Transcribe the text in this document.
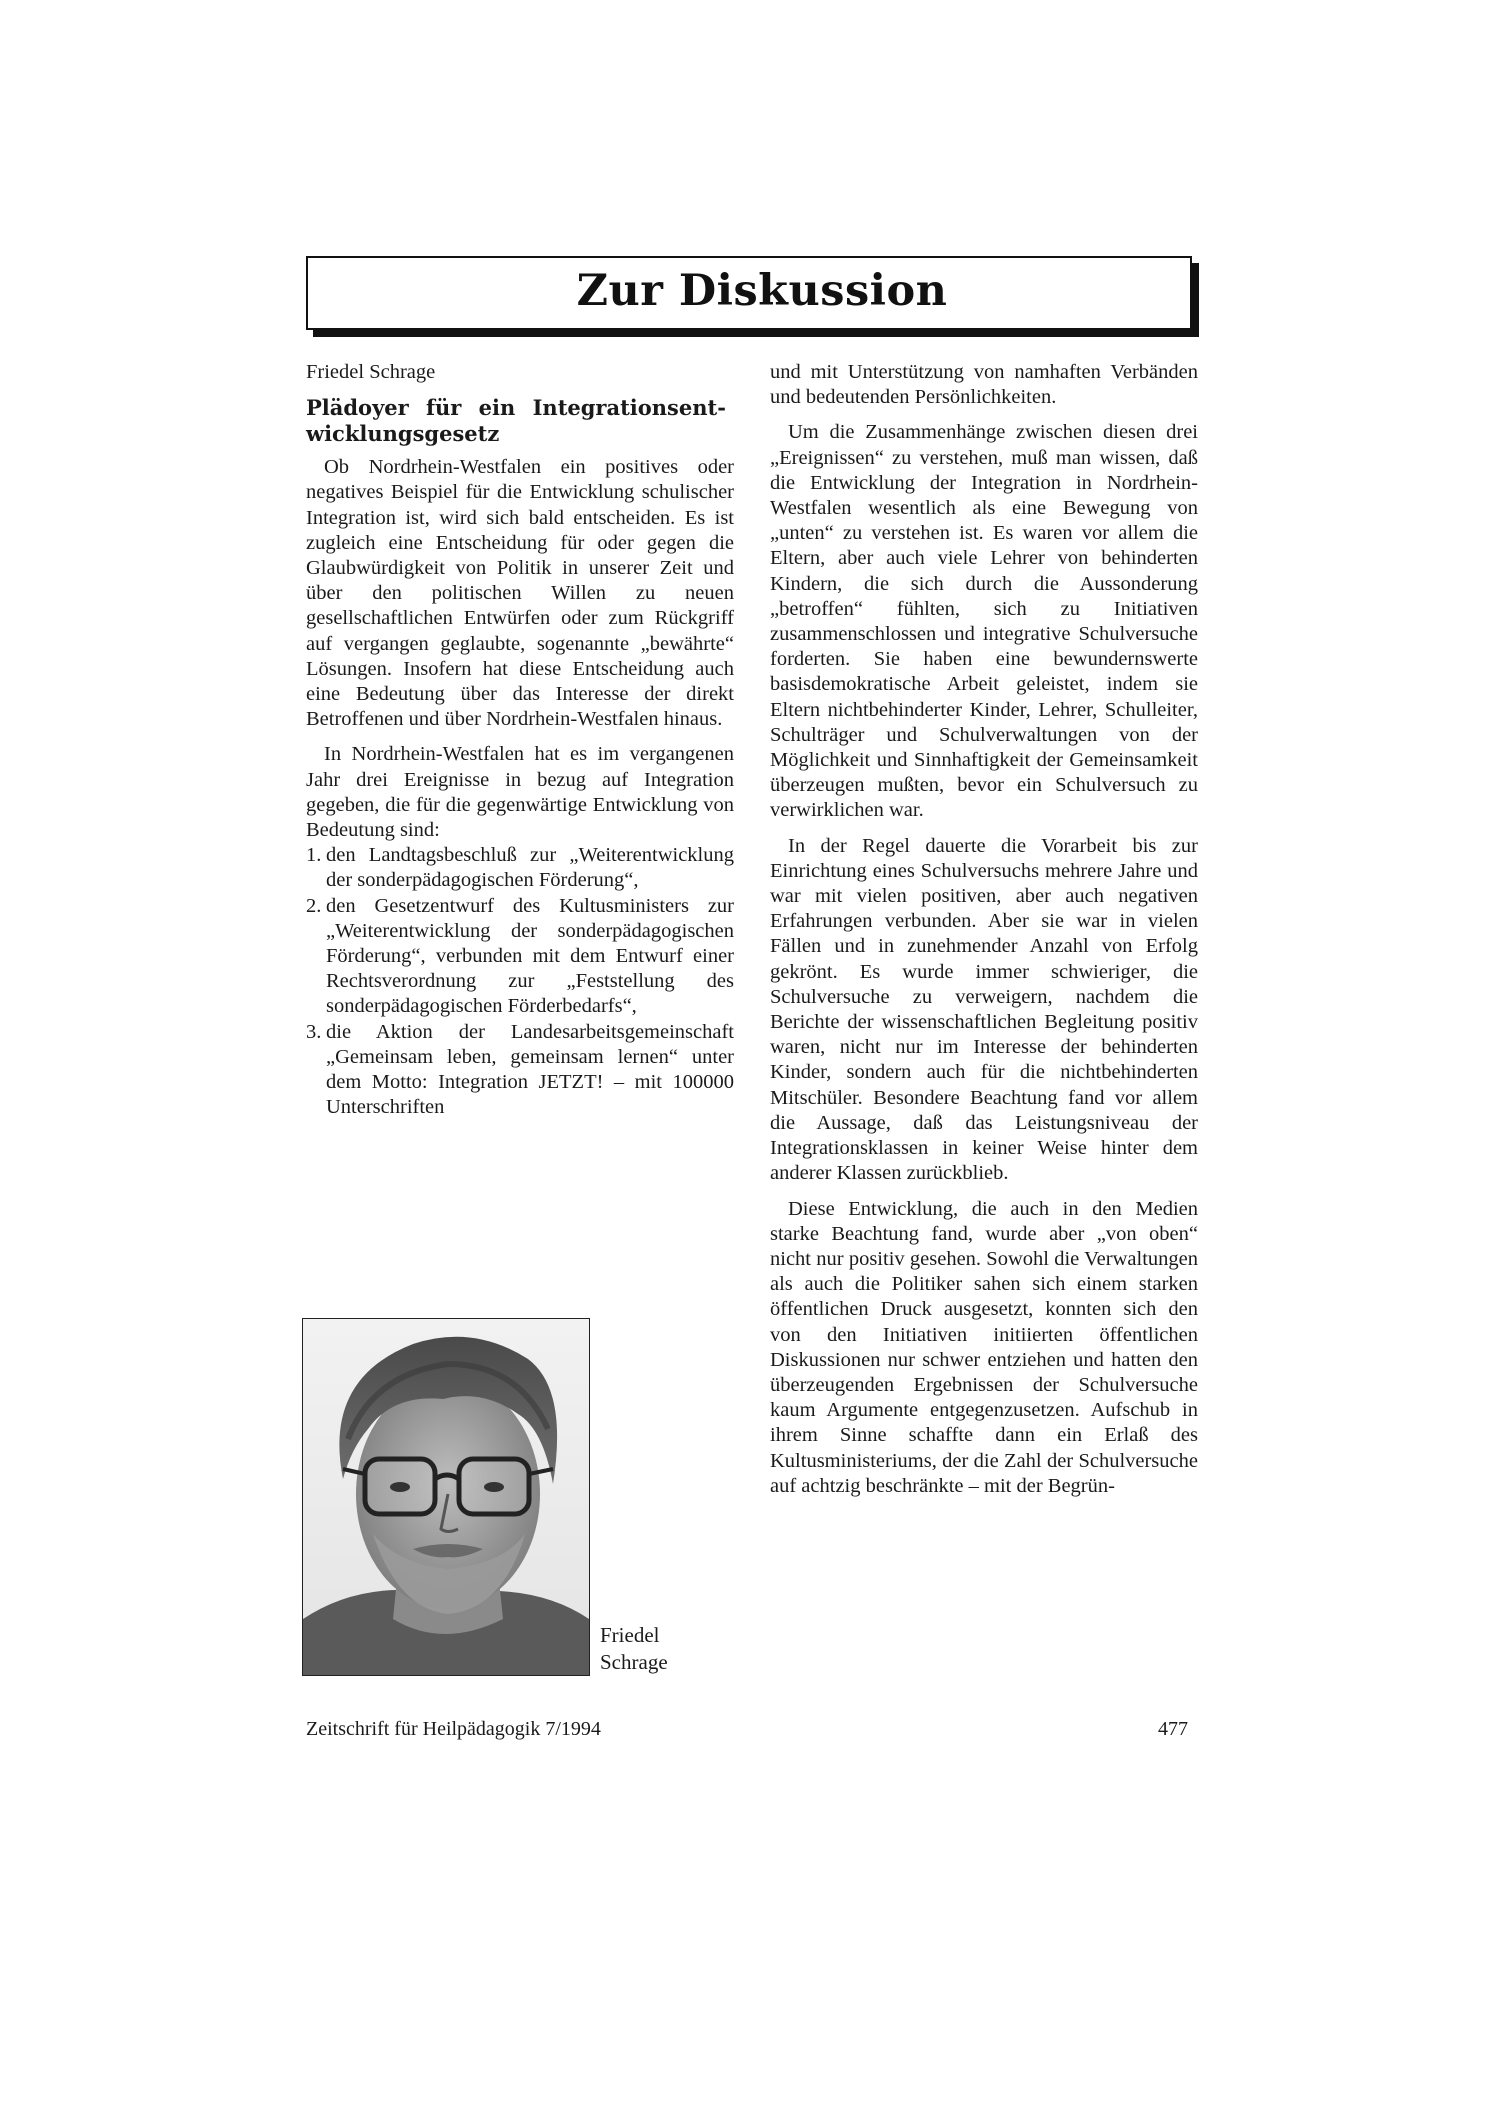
Zur Diskussion

Friedel Schrage

Plädoyer für ein Integrationsent-
wicklungsgesetz

Ob Nordrhein-Westfalen ein positives oder negatives Beispiel für die Entwicklung schulischer Integration ist, wird sich bald entscheiden. Es ist zugleich eine Entscheidung für oder gegen die Glaubwürdigkeit von Politik in unserer Zeit und über den politischen Willen zu neuen gesellschaftlichen Entwürfen oder zum Rückgriff auf vergangen geglaubte, sogenannte „bewährte“ Lösungen. Insofern hat diese Entscheidung auch eine Bedeutung über das Interesse der direkt Betroffenen und über Nordrhein-Westfalen hinaus.

In Nordrhein-Westfalen hat es im vergangenen Jahr drei Ereignisse in bezug auf Integration gegeben, die für die gegenwärtige Entwicklung von Bedeutung sind:

1. den Landtagsbeschluß zur „Weiterentwicklung der sonderpädagogischen Förderung“,
2. den Gesetzentwurf des Kultusministers zur „Weiterentwicklung der sonderpädagogischen Förderung“, verbunden mit dem Entwurf einer Rechtsverordnung zur „Feststellung des sonderpädagogischen Förderbedarfs“,
3. die Aktion der Landesarbeitsgemeinschaft „Gemeinsam leben, gemeinsam lernen“ unter dem Motto: Integration JETZT! – mit 100000 Unterschriften
Friedel
Schrage

und mit Unterstützung von namhaften Verbänden und bedeutenden Persönlichkeiten.

Um die Zusammenhänge zwischen diesen drei „Ereignissen“ zu verstehen, muß man wissen, daß die Entwicklung der Integration in Nordrhein-Westfalen wesentlich als eine Bewegung von „unten“ zu verstehen ist. Es waren vor allem die Eltern, aber auch viele Lehrer von behinderten Kindern, die sich durch die Aussonderung „betroffen“ fühlten, sich zu Initiativen zusammenschlossen und integrative Schulversuche forderten. Sie haben eine bewundernswerte basisdemokratische Arbeit geleistet, indem sie Eltern nichtbehinderter Kinder, Lehrer, Schulleiter, Schulträger und Schulverwaltungen von der Möglichkeit und Sinnhaftigkeit der Gemeinsamkeit überzeugen mußten, bevor ein Schulversuch zu verwirklichen war.

In der Regel dauerte die Vorarbeit bis zur Einrichtung eines Schulversuchs mehrere Jahre und war mit vielen positiven, aber auch negativen Erfahrungen verbunden. Aber sie war in vielen Fällen und in zunehmender Anzahl von Erfolg gekrönt. Es wurde immer schwieriger, die Schulversuche zu verweigern, nachdem die Berichte der wissenschaftlichen Begleitung positiv waren, nicht nur im Interesse der behinderten Kinder, sondern auch für die nichtbehinderten Mitschüler. Besondere Beachtung fand vor allem die Aussage, daß das Leistungsniveau der Integrationsklassen in keiner Weise hinter dem anderer Klassen zurückblieb.

Diese Entwicklung, die auch in den Medien starke Beachtung fand, wurde aber „von oben“ nicht nur positiv gesehen. Sowohl die Verwaltungen als auch die Politiker sahen sich einem starken öffentlichen Druck ausgesetzt, konnten sich den von den Initiativen initiierten öffentlichen Diskussionen nur schwer entziehen und hatten den überzeugenden Ergebnissen der Schulversuche kaum Argumente entgegenzusetzen. Aufschub in ihrem Sinne schaffte dann ein Erlaß des Kultusministeriums, der die Zahl der Schulversuche auf achtzig beschränkte – mit der Begrün-

Zeitschrift für Heilpädagogik 7/1994	477
